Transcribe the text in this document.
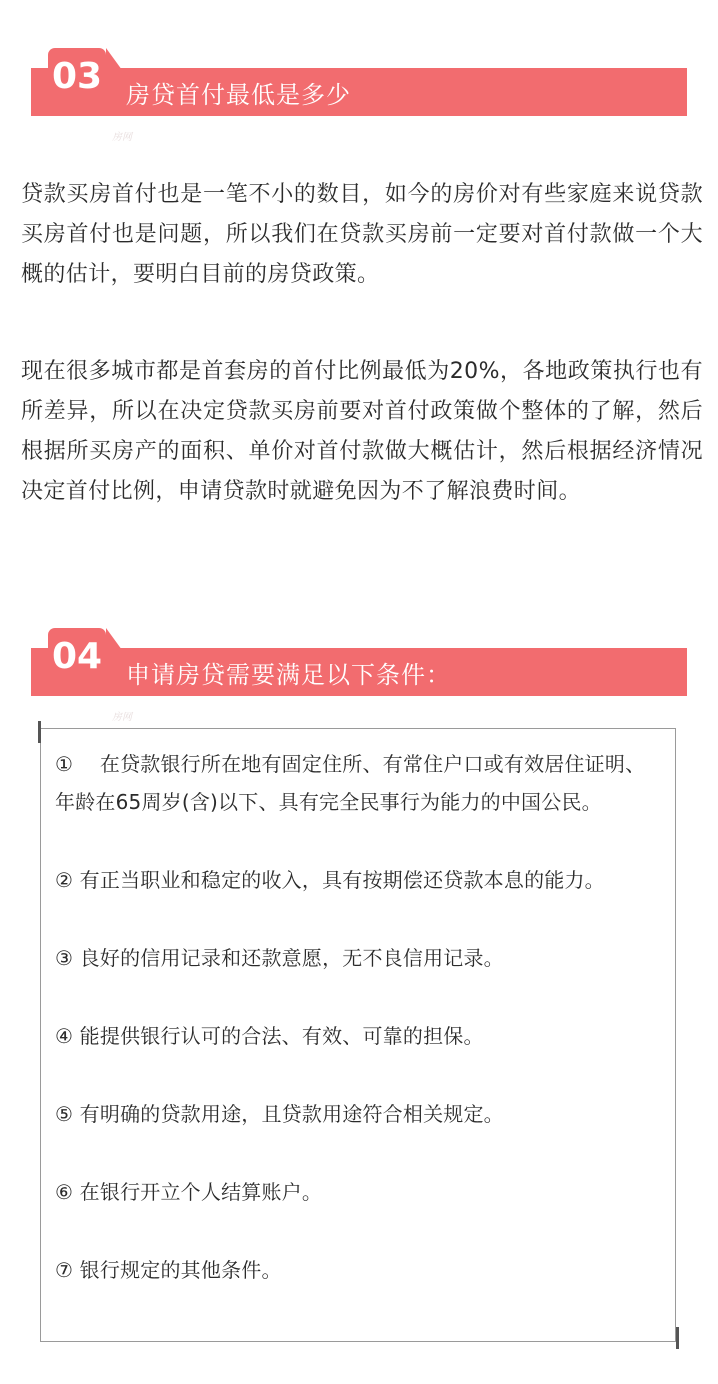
03 房贷首付最低是多少
房网

贷款买房首付也是一笔不小的数目，如今的房价对有些家庭来说贷款买房首付也是问题，所以我们在贷款买房前一定要对首付款做一个大概的估计，要明白目前的房贷政策。

现在很多城市都是首套房的首付比例最低为20%，各地政策执行也有所差异，所以在决定贷款买房前要对首付政策做个整体的了解，然后根据所买房产的面积、单价对首付款做大概估计，然后根据经济情况决定首付比例，申请贷款时就避免因为不了解浪费时间。

04 申请房贷需要满足以下条件：
房网
①　 在贷款银行所在地有固定住所、有常住户口或有效居住证明、年龄在65周岁(含)以下、具有完全民事行为能力的中国公民。
② 有正当职业和稳定的收入，具有按期偿还贷款本息的能力。
③ 良好的信用记录和还款意愿，无不良信用记录。
④ 能提供银行认可的合法、有效、可靠的担保。
⑤ 有明确的贷款用途，且贷款用途符合相关规定。
⑥ 在银行开立个人结算账户。
⑦ 银行规定的其他条件。
